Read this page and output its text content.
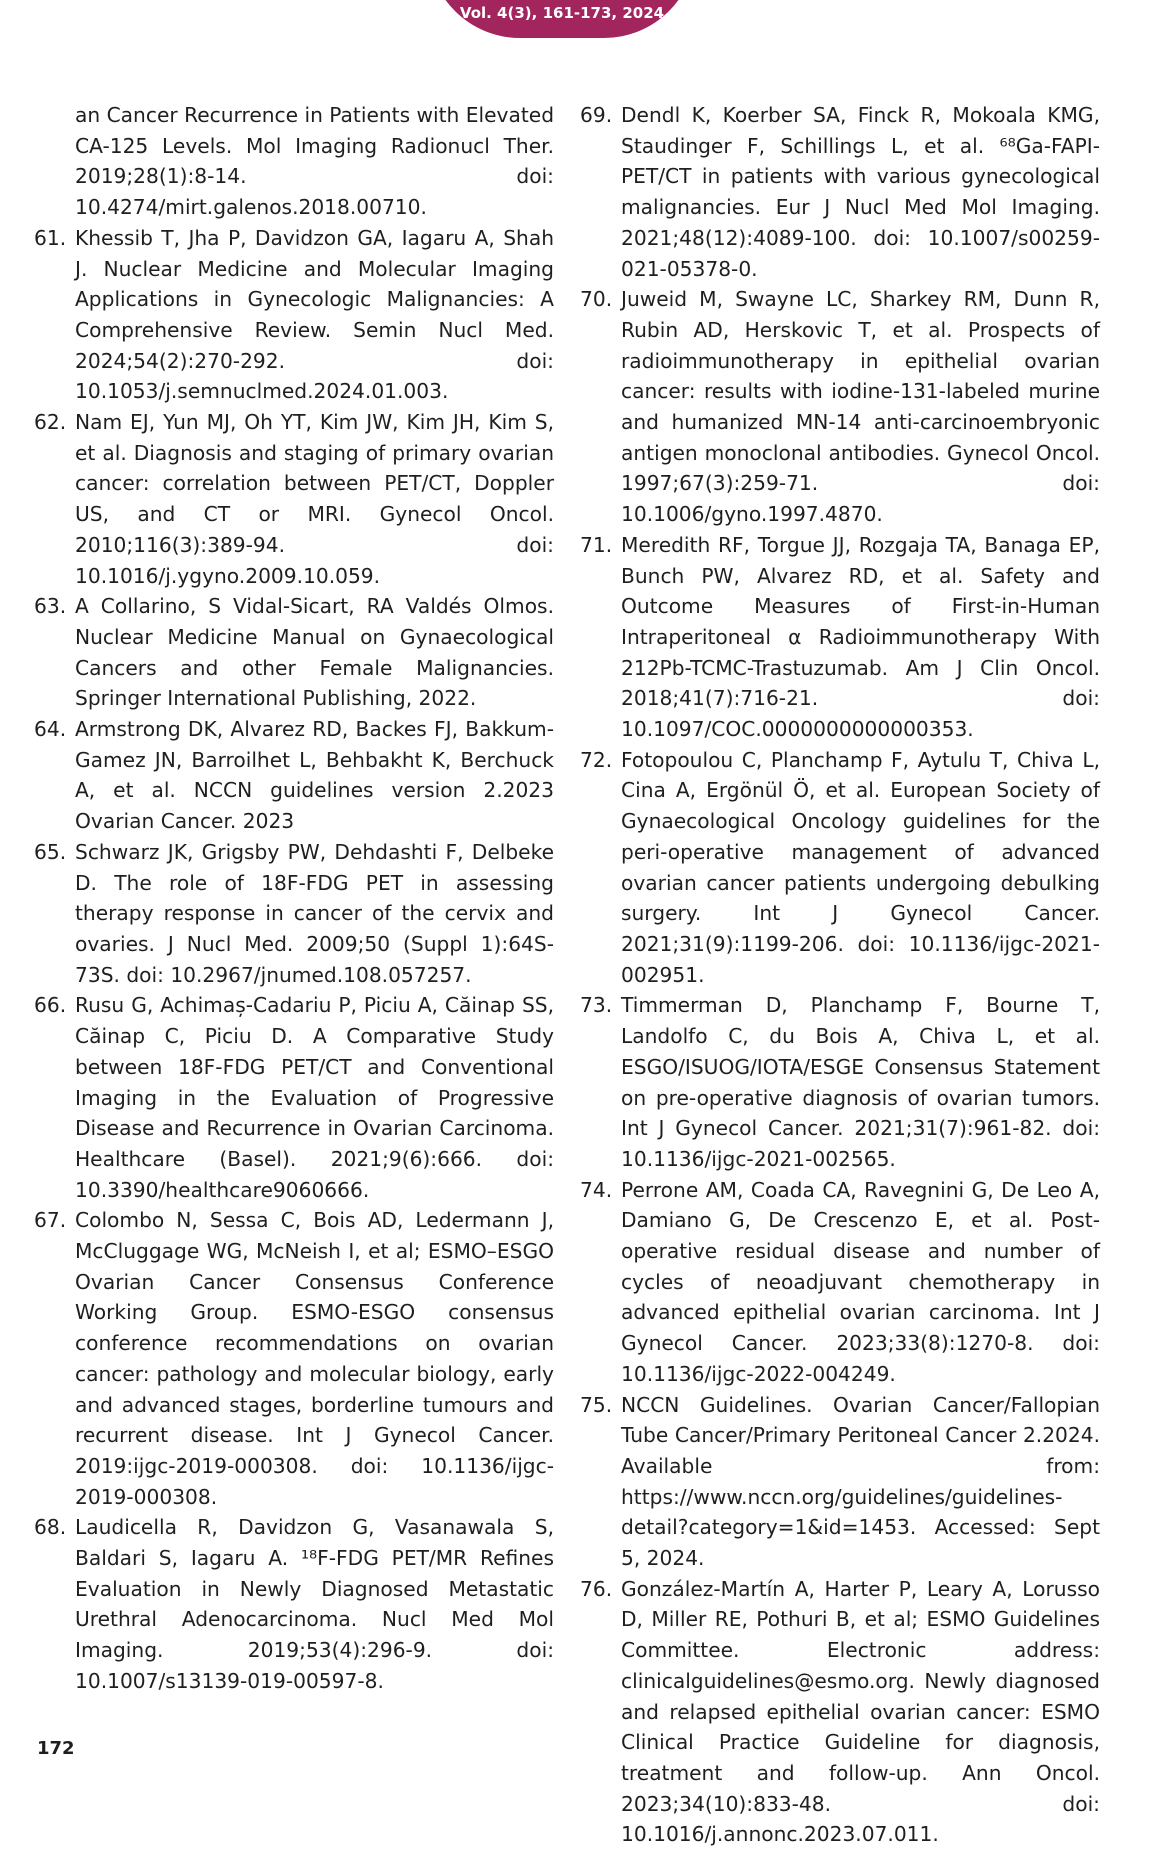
Vol. 4(3), 161-173, 2024
an Cancer Recurrence in Patients with Elevated CA-125 Levels. Mol Imaging Radionucl Ther. 2019;28(1):8-14. doi: 10.4274/mirt.galenos.2018.00710.
61. Khessib T, Jha P, Davidzon GA, Iagaru A, Shah J. Nuclear Medicine and Molecular Imaging Applications in Gynecologic Malignancies: A Comprehensive Review. Semin Nucl Med. 2024;54(2):270-292. doi: 10.1053/j.semnuclmed.2024.01.003.
62. Nam EJ, Yun MJ, Oh YT, Kim JW, Kim JH, Kim S, et al. Diagnosis and staging of primary ovarian cancer: correlation between PET/CT, Doppler US, and CT or MRI. Gynecol Oncol. 2010;116(3):389-94. doi: 10.1016/j.ygyno.2009.10.059.
63. A Collarino, S Vidal-Sicart, RA Valdés Olmos. Nuclear Medicine Manual on Gynaecological Cancers and other Female Malignancies. Springer International Publishing, 2022.
64. Armstrong DK, Alvarez RD, Backes FJ, Bakkum-Gamez JN, Barroilhet L, Behbakht K, Berchuck A, et al. NCCN guidelines version 2.2023 Ovarian Cancer. 2023
65. Schwarz JK, Grigsby PW, Dehdashti F, Delbeke D. The role of 18F-FDG PET in assessing therapy response in cancer of the cervix and ovaries. J Nucl Med. 2009;50 (Suppl 1):64S-73S. doi: 10.2967/jnumed.108.057257.
66. Rusu G, Achimaș-Cadariu P, Piciu A, Căinap SS, Căinap C, Piciu D. A Comparative Study between 18F-FDG PET/CT and Conventional Imaging in the Evaluation of Progressive Disease and Recurrence in Ovarian Carcinoma. Healthcare (Basel). 2021;9(6):666. doi: 10.3390/healthcare9060666.
67. Colombo N, Sessa C, Bois AD, Ledermann J, McCluggage WG, McNeish I, et al; ESMO–ESGO Ovarian Cancer Consensus Conference Working Group. ESMO-ESGO consensus conference recommendations on ovarian cancer: pathology and molecular biology, early and advanced stages, borderline tumours and recurrent disease. Int J Gynecol Cancer. 2019:ijgc-2019-000308. doi: 10.1136/ijgc-2019-000308.
68. Laudicella R, Davidzon G, Vasanawala S, Baldari S, Iagaru A. ¹⁸F-FDG PET/MR Refines Evaluation in Newly Diagnosed Metastatic Urethral Adenocarcinoma. Nucl Med Mol Imaging. 2019;53(4):296-9. doi: 10.1007/s13139-019-00597-8.
69. Dendl K, Koerber SA, Finck R, Mokoala KMG, Staudinger F, Schillings L, et al. ⁶⁸Ga-FAPI-PET/CT in patients with various gynecological malignancies. Eur J Nucl Med Mol Imaging. 2021;48(12):4089-100. doi: 10.1007/s00259-021-05378-0.
70. Juweid M, Swayne LC, Sharkey RM, Dunn R, Rubin AD, Herskovic T, et al. Prospects of radioimmunotherapy in epithelial ovarian cancer: results with iodine-131-labeled murine and humanized MN-14 anti-carcinoembryonic antigen monoclonal antibodies. Gynecol Oncol. 1997;67(3):259-71. doi: 10.1006/gyno.1997.4870.
71. Meredith RF, Torgue JJ, Rozgaja TA, Banaga EP, Bunch PW, Alvarez RD, et al. Safety and Outcome Measures of First-in-Human Intraperitoneal α Radioimmunotherapy With 212Pb-TCMC-Trastuzumab. Am J Clin Oncol. 2018;41(7):716-21. doi: 10.1097/COC.0000000000000353.
72. Fotopoulou C, Planchamp F, Aytulu T, Chiva L, Cina A, Ergönül Ö, et al. European Society of Gynaecological Oncology guidelines for the peri-operative management of advanced ovarian cancer patients undergoing debulking surgery. Int J Gynecol Cancer. 2021;31(9):1199-206. doi: 10.1136/ijgc-2021-002951.
73. Timmerman D, Planchamp F, Bourne T, Landolfo C, du Bois A, Chiva L, et al. ESGO/ISUOG/IOTA/ESGE Consensus Statement on pre-operative diagnosis of ovarian tumors. Int J Gynecol Cancer. 2021;31(7):961-82. doi: 10.1136/ijgc-2021-002565.
74. Perrone AM, Coada CA, Ravegnini G, De Leo A, Damiano G, De Crescenzo E, et al. Post-operative residual disease and number of cycles of neoadjuvant chemotherapy in advanced epithelial ovarian carcinoma. Int J Gynecol Cancer. 2023;33(8):1270-8. doi: 10.1136/ijgc-2022-004249.
75. NCCN Guidelines. Ovarian Cancer/Fallopian Tube Cancer/Primary Peritoneal Cancer 2.2024. Available from: https://www.nccn.org/guidelines/guidelines-detail?category=1&id=1453. Accessed: Sept 5, 2024.
76. González-Martín A, Harter P, Leary A, Lorusso D, Miller RE, Pothuri B, et al; ESMO Guidelines Committee. Electronic address: clinicalguidelines@esmo.org. Newly diagnosed and relapsed epithelial ovarian cancer: ESMO Clinical Practice Guideline for diagnosis, treatment and follow-up. Ann Oncol. 2023;34(10):833-48. doi: 10.1016/j.annonc.2023.07.011.
172
